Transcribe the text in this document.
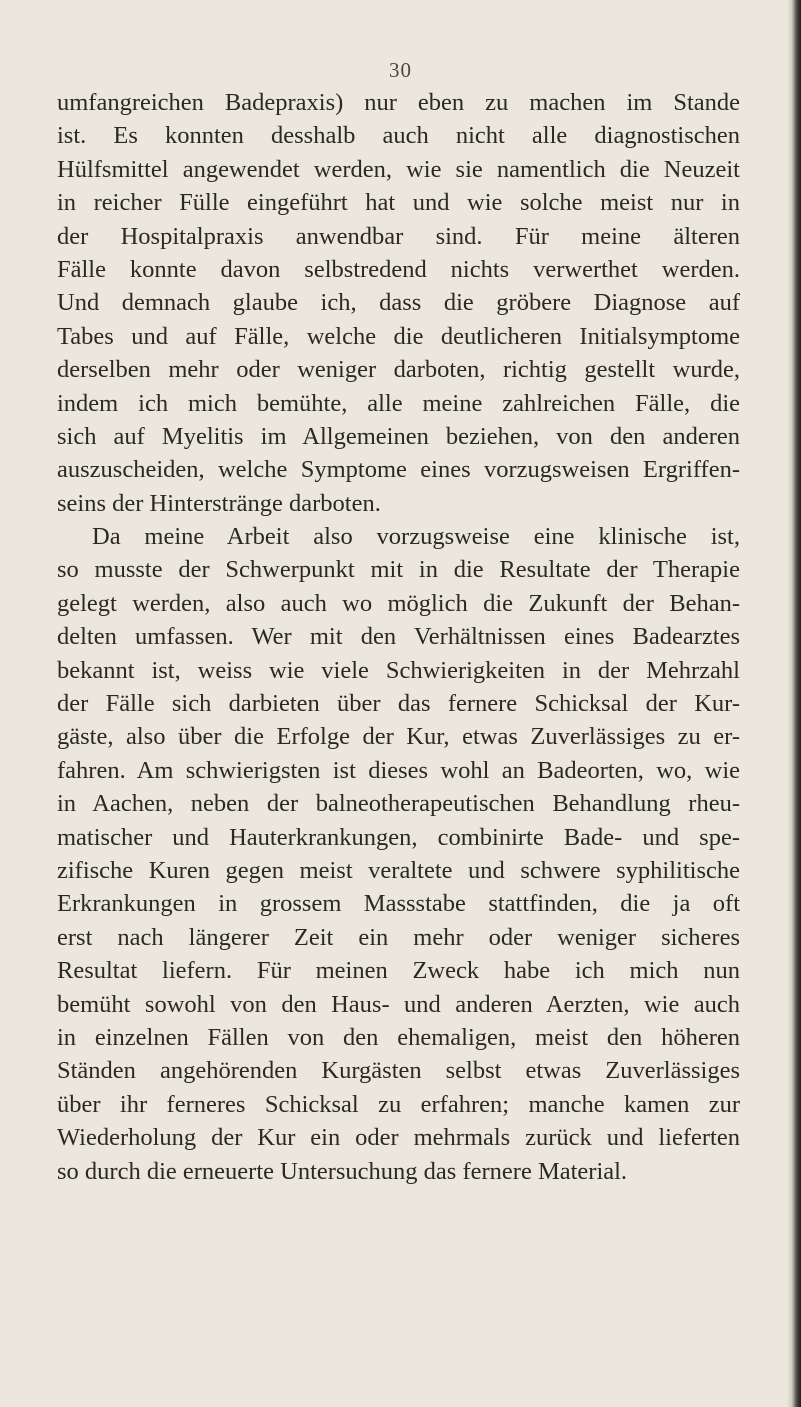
30
umfangreichen Badepraxis) nur eben zu machen im Stande
ist. Es konnten desshalb auch nicht alle diagnostischen
Hülfsmittel angewendet werden, wie sie namentlich die Neuzeit
in reicher Fülle eingeführt hat und wie solche meist nur in
der Hospitalpraxis anwendbar sind. Für meine älteren
Fälle konnte davon selbstredend nichts verwerthet werden.
Und demnach glaube ich, dass die gröbere Diagnose auf
Tabes und auf Fälle, welche die deutlicheren Initialsymptome
derselben mehr oder weniger darboten, richtig gestellt wurde,
indem ich mich bemühte, alle meine zahlreichen Fälle, die
sich auf Myelitis im Allgemeinen beziehen, von den anderen
auszuscheiden, welche Symptome eines vorzugsweisen Ergriffen-
seins der Hinterstränge darboten.
Da meine Arbeit also vorzugsweise eine klinische ist,
so musste der Schwerpunkt mit in die Resultate der Therapie
gelegt werden, also auch wo möglich die Zukunft der Behan-
delten umfassen. Wer mit den Verhältnissen eines Badearztes
bekannt ist, weiss wie viele Schwierigkeiten in der Mehrzahl
der Fälle sich darbieten über das fernere Schicksal der Kur-
gäste, also über die Erfolge der Kur, etwas Zuverlässiges zu er-
fahren. Am schwierigsten ist dieses wohl an Badeorten, wo, wie
in Aachen, neben der balneotherapeutischen Behandlung rheu-
matischer und Hauterkrankungen, combinirte Bade- und spe-
zifische Kuren gegen meist veraltete und schwere syphilitische
Erkrankungen in grossem Massstabe stattfinden, die ja oft
erst nach längerer Zeit ein mehr oder weniger sicheres
Resultat liefern. Für meinen Zweck habe ich mich nun
bemüht sowohl von den Haus- und anderen Aerzten, wie auch
in einzelnen Fällen von den ehemaligen, meist den höheren
Ständen angehörenden Kurgästen selbst etwas Zuverlässiges
über ihr ferneres Schicksal zu erfahren; manche kamen zur
Wiederholung der Kur ein oder mehrmals zurück und lieferten
so durch die erneuerte Untersuchung das fernere Material.
